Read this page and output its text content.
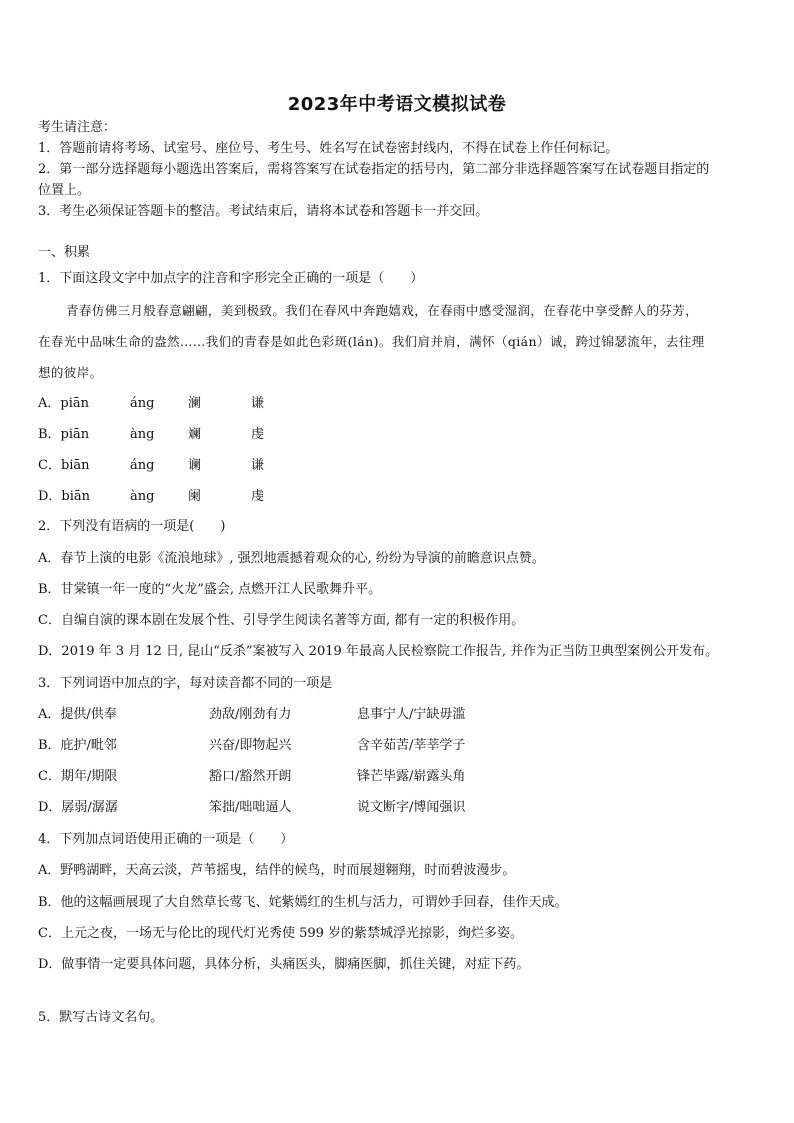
2023年中考语文模拟试卷
考生请注意：
1．答题前请将考场、试室号、座位号、考生号、姓名写在试卷密封线内，不得在试卷上作任何标记。
2．第一部分选择题每小题选出答案后，需将答案写在试卷指定的括号内，第二部分非选择题答案写在试卷题目指定的
位置上。
3．考生必须保证答题卡的整洁。考试结束后，请将本试卷和答题卡一并交回。
一、积累
1．下面这段文字中加点字的注音和字形完全正确的一项是（　　）
青春仿佛三月般春意翩翩，美到极致。我们在春风中奔跑嬉戏，在春雨中感受湿润，在春花中享受醉人的芬芳，
在春光中品味生命的盎然……我们的青春是如此色彩斑(lán)。我们肩并肩，满怀（qián）诚，跨过锦瑟流年，去往理
想的彼岸。
A．piān	áng	澜	谦
B．piān	àng	斓	虔
C．biān	áng	谰	谦
D．biān	àng	阑	虔
2．下列没有语病的一项是(　　)
A．春节上演的电影《流浪地球》, 强烈地震撼着观众的心, 纷纷为导演的前瞻意识点赞。
B．甘棠镇一年一度的“火龙”盛会, 点燃开江人民歌舞升平。
C．自编自演的课本剧在发展个性、引导学生阅读名著等方面, 都有一定的积极作用。
D．2019 年 3 月 12 日, 昆山“反杀”案被写入 2019 年最高人民检察院工作报告, 并作为正当防卫典型案例公开发布。
3．下列词语中加点的字，每对读音都不同的一项是
A．提供/供奉	劲敌/刚劲有力	息事宁人/宁缺毋滥
B．庇护/毗邻	兴奋/即物起兴	含辛茹苦/莘莘学子
C．期年/期限	豁口/豁然开朗	锋芒毕露/崭露头角
D．孱弱/潺潺	笨拙/咄咄逼人	说文断字/博闻强识
4．下列加点词语使用正确的一项是（　　）
A．野鸭湖畔，天高云淡，芦苇摇曳，结伴的候鸟，时而展翅翱翔，时而碧波漫步。
B．他的这幅画展现了大自然草长莺飞、姹紫嫣红的生机与活力，可谓妙手回春，佳作天成。
C．上元之夜，一场无与伦比的现代灯光秀使 599 岁的紫禁城浮光掠影，绚烂多姿。
D．做事情一定要具体问题，具体分析，头痛医头，脚痛医脚，抓住关键，对症下药。
5．默写古诗文名句。
